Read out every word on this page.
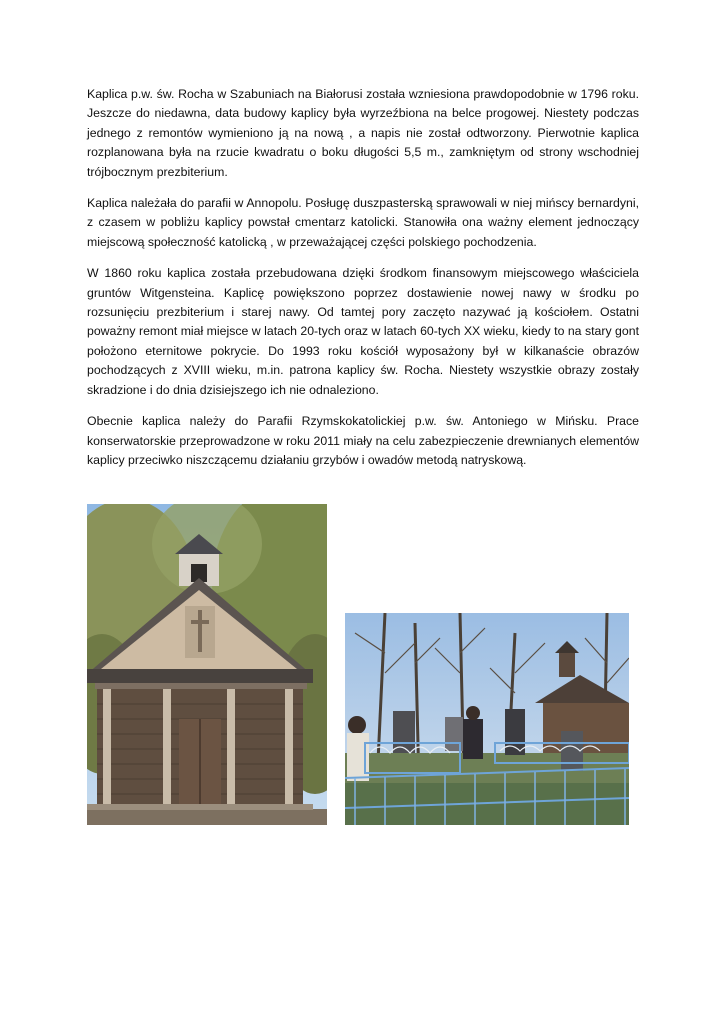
Kaplica p.w. św. Rocha w Szabuniach na Białorusi została wzniesiona prawdopodobnie w 1796 roku. Jeszcze do niedawna, data budowy kaplicy była wyrzeźbiona na belce progowej. Niestety podczas jednego z remontów wymieniono ją na nową , a napis nie został odtworzony. Pierwotnie kaplica rozplanowana była na rzucie kwadratu o boku długości 5,5 m., zamkniętym od strony wschodniej trójbocznym prezbiterium.

Kaplica należała do parafii w Annopolu. Posługę duszpasterską sprawowali w niej mińscy bernardyni, z czasem w pobliżu kaplicy powstał cmentarz katolicki. Stanowiła ona ważny element jednoczący miejscową społeczność katolicką , w przeważającej części polskiego pochodzenia.

W 1860 roku kaplica została przebudowana dzięki środkom finansowym miejscowego właściciela gruntów Witgensteina. Kaplicę powiększono poprzez dostawienie nowej nawy w środku po rozsunięciu prezbiterium i starej nawy. Od tamtej pory zaczęto nazywać ją kościołem. Ostatni poważny remont miał miejsce w latach 20-tych oraz w latach 60-tych XX wieku, kiedy to na stary gont położono eternitowe pokrycie. Do 1993 roku kościół wyposażony był w kilkanaście obrazów pochodzących z XVIII wieku, m.in. patrona kaplicy św. Rocha. Niestety wszystkie obrazy zostały skradzione i do dnia dzisiejszego ich nie odnaleziono.

Obecnie kaplica należy do Parafii Rzymskokatolickiej p.w. św. Antoniego w Mińsku. Prace konserwatorskie przeprowadzone w roku 2011 miały na celu zabezpieczenie drewnianych elementów kaplicy przeciwko niszczącemu działaniu grzybów i owadów metodą natryskową.
